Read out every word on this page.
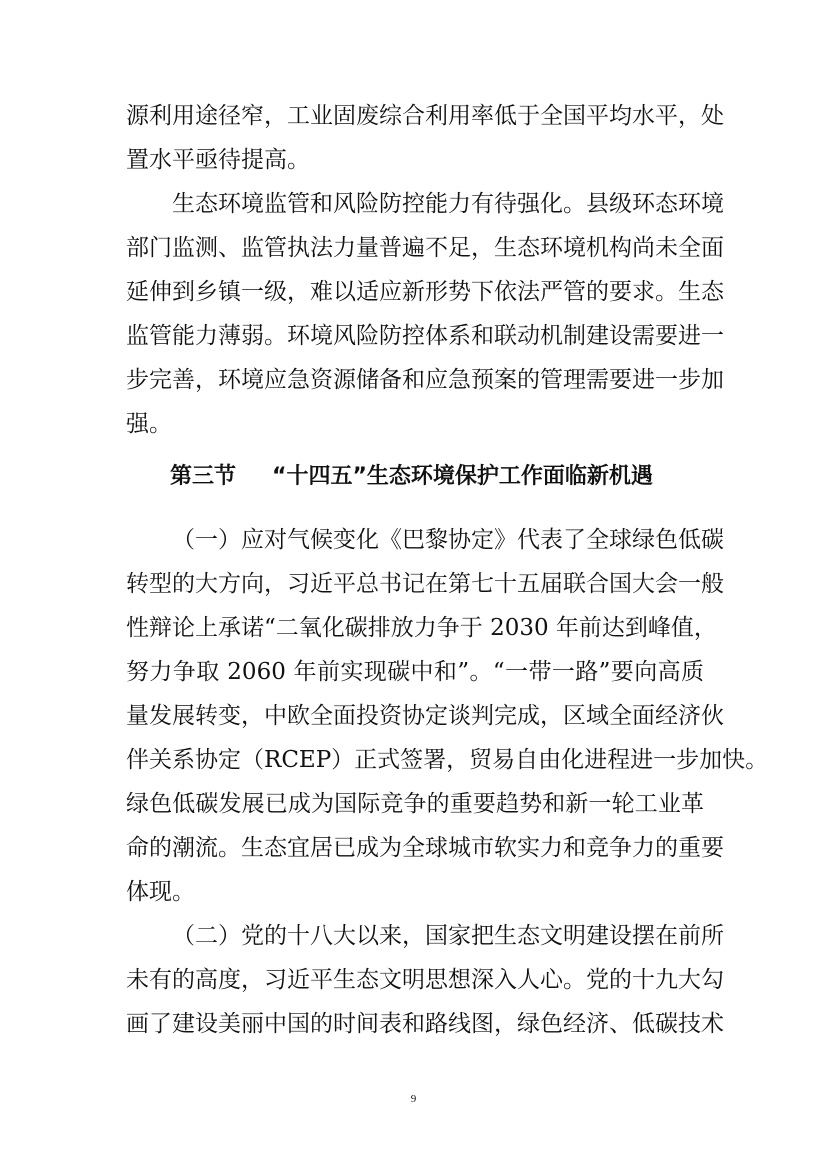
源利用途径窄，工业固废综合利用率低于全国平均水平，处
置水平亟待提高。
生态环境监管和风险防控能力有待强化。县级环态环境
部门监测、监管执法力量普遍不足，生态环境机构尚未全面
延伸到乡镇一级，难以适应新形势下依法严管的要求。生态
监管能力薄弱。环境风险防控体系和联动机制建设需要进一
步完善，环境应急资源储备和应急预案的管理需要进一步加
强。
第三节 “十四五”生态环境保护工作面临新机遇
（一）应对气候变化《巴黎协定》代表了全球绿色低碳
转型的大方向，习近平总书记在第七十五届联合国大会一般
性辩论上承诺“二氧化碳排放力争于 2030 年前达到峰值，
努力争取 2060 年前实现碳中和”。“一带一路”要向高质
量发展转变，中欧全面投资协定谈判完成，区域全面经济伙
伴关系协定（RCEP）正式签署，贸易自由化进程进一步加快。
绿色低碳发展已成为国际竞争的重要趋势和新一轮工业革
命的潮流。生态宜居已成为全球城市软实力和竞争力的重要
体现。
（二）党的十八大以来，国家把生态文明建设摆在前所
未有的高度，习近平生态文明思想深入人心。党的十九大勾
画了建设美丽中国的时间表和路线图，绿色经济、低碳技术
9
